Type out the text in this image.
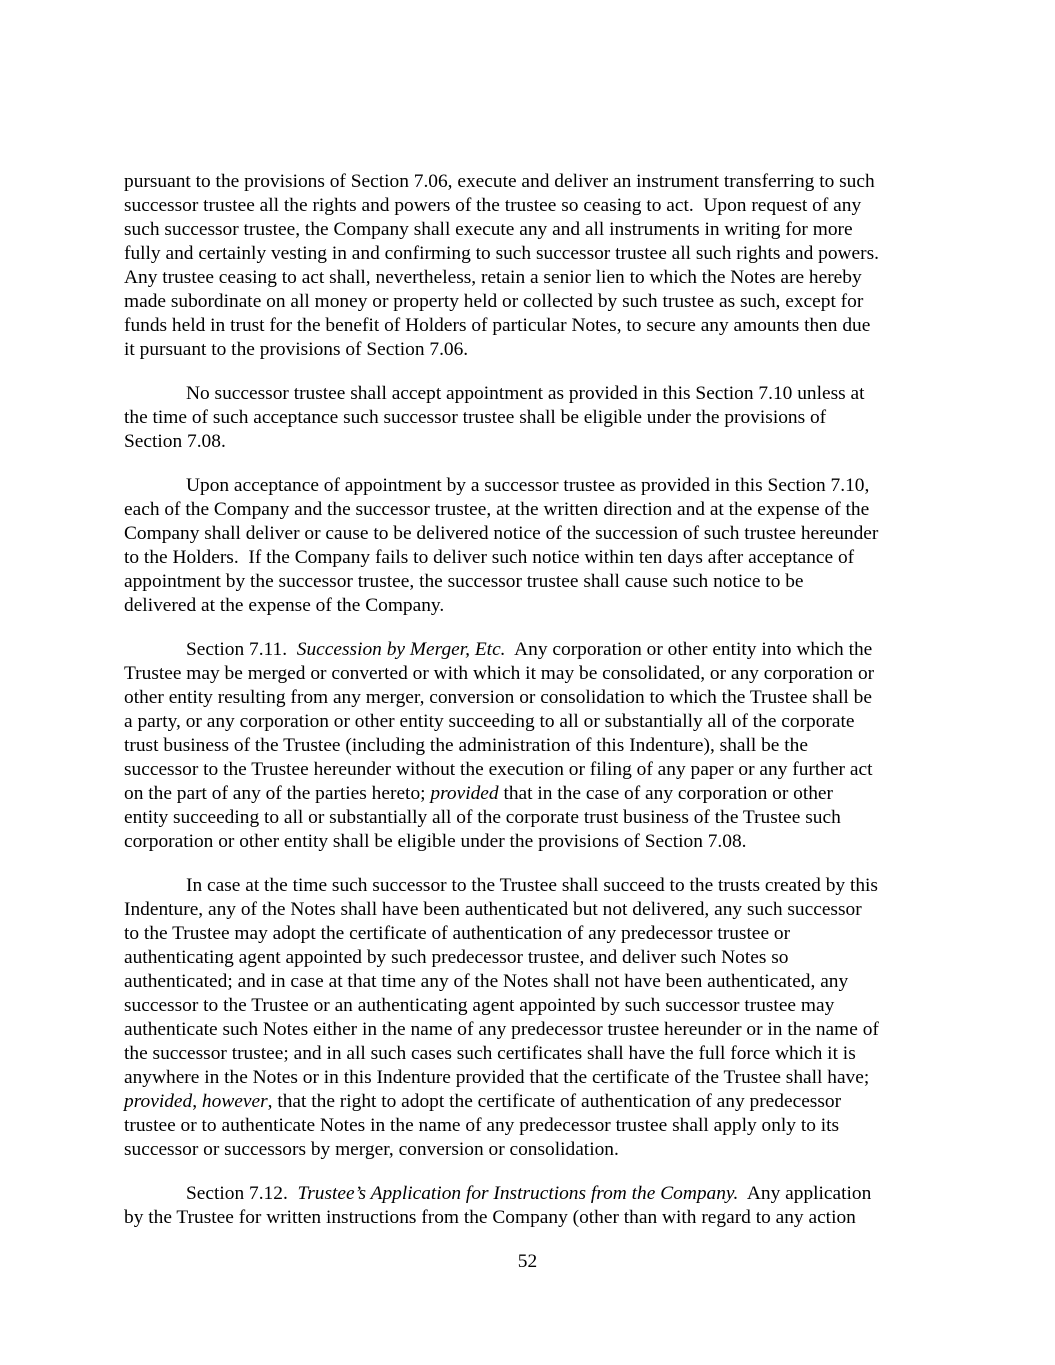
pursuant to the provisions of Section 7.06, execute and deliver an instrument transferring to such
successor trustee all the rights and powers of the trustee so ceasing to act.  Upon request of any
such successor trustee, the Company shall execute any and all instruments in writing for more
fully and certainly vesting in and confirming to such successor trustee all such rights and powers.
Any trustee ceasing to act shall, nevertheless, retain a senior lien to which the Notes are hereby
made subordinate on all money or property held or collected by such trustee as such, except for
funds held in trust for the benefit of Holders of particular Notes, to secure any amounts then due
it pursuant to the provisions of Section 7.06.
No successor trustee shall accept appointment as provided in this Section 7.10 unless at
the time of such acceptance such successor trustee shall be eligible under the provisions of
Section 7.08.
Upon acceptance of appointment by a successor trustee as provided in this Section 7.10,
each of the Company and the successor trustee, at the written direction and at the expense of the
Company shall deliver or cause to be delivered notice of the succession of such trustee hereunder
to the Holders.  If the Company fails to deliver such notice within ten days after acceptance of
appointment by the successor trustee, the successor trustee shall cause such notice to be
delivered at the expense of the Company.
Section 7.11.  Succession by Merger, Etc.  Any corporation or other entity into which the
Trustee may be merged or converted or with which it may be consolidated, or any corporation or
other entity resulting from any merger, conversion or consolidation to which the Trustee shall be
a party, or any corporation or other entity succeeding to all or substantially all of the corporate
trust business of the Trustee (including the administration of this Indenture), shall be the
successor to the Trustee hereunder without the execution or filing of any paper or any further act
on the part of any of the parties hereto; provided that in the case of any corporation or other
entity succeeding to all or substantially all of the corporate trust business of the Trustee such
corporation or other entity shall be eligible under the provisions of Section 7.08.
In case at the time such successor to the Trustee shall succeed to the trusts created by this
Indenture, any of the Notes shall have been authenticated but not delivered, any such successor
to the Trustee may adopt the certificate of authentication of any predecessor trustee or
authenticating agent appointed by such predecessor trustee, and deliver such Notes so
authenticated; and in case at that time any of the Notes shall not have been authenticated, any
successor to the Trustee or an authenticating agent appointed by such successor trustee may
authenticate such Notes either in the name of any predecessor trustee hereunder or in the name of
the successor trustee; and in all such cases such certificates shall have the full force which it is
anywhere in the Notes or in this Indenture provided that the certificate of the Trustee shall have;
provided, however, that the right to adopt the certificate of authentication of any predecessor
trustee or to authenticate Notes in the name of any predecessor trustee shall apply only to its
successor or successors by merger, conversion or consolidation.
Section 7.12.  Trustee’s Application for Instructions from the Company.  Any application
by the Trustee for written instructions from the Company (other than with regard to any action
52
